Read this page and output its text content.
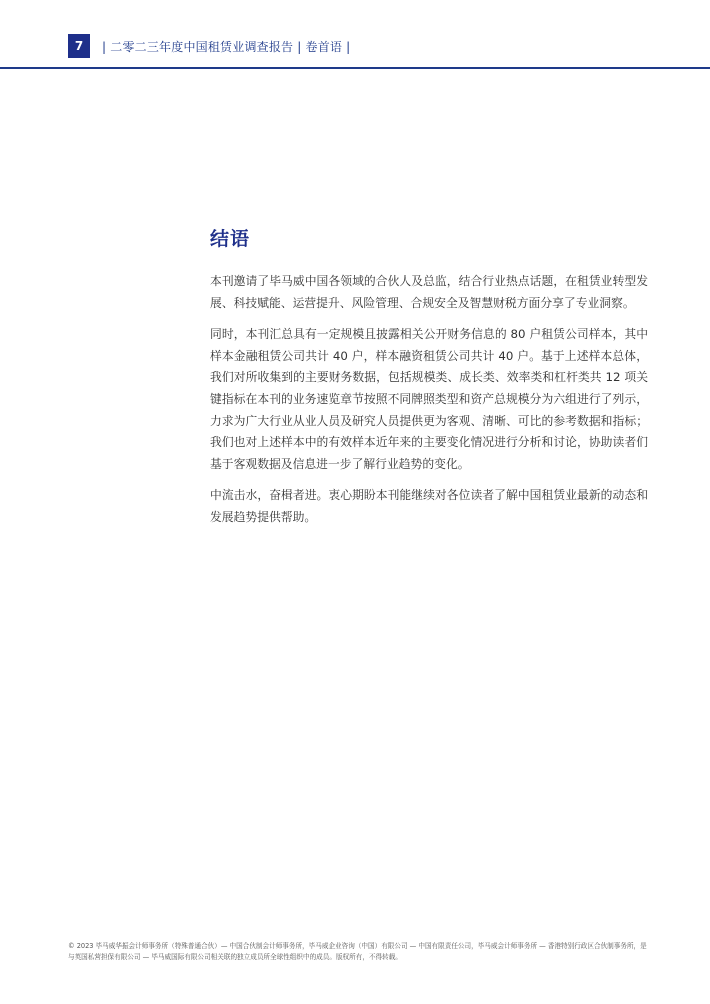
7	| 二零二三年度中国租赁业调查报告 | 卷首语 |
结语

本刊邀请了毕马威中国各领域的合伙人及总监，结合行业热点话题，在租赁业转型发展、科技赋能、运营提升、风险管理、合规安全及智慧财税方面分享了专业洞察。

同时，本刊汇总具有一定规模且披露相关公开财务信息的 80 户租赁公司样本，其中样本金融租赁公司共计 40 户，样本融资租赁公司共计 40 户。基于上述样本总体，我们对所收集到的主要财务数据，包括规模类、成长类、效率类和杠杆类共 12 项关键指标在本刊的业务速览章节按照不同牌照类型和资产总规模分为六组进行了列示，力求为广大行业从业人员及研究人员提供更为客观、清晰、可比的参考数据和指标；我们也对上述样本中的有效样本近年来的主要变化情况进行分析和讨论，协助读者们基于客观数据及信息进一步了解行业趋势的变化。

中流击水，奋楫者进。衷心期盼本刊能继续对各位读者了解中国租赁业最新的动态和发展趋势提供帮助。

© 2023 毕马威华振会计师事务所（特殊普通合伙）— 中国合伙制会计师事务所，毕马威企业咨询（中国）有限公司 — 中国有限责任公司，毕马威会计师事务所 — 香港特别行政区合伙制事务所，是与英国私营担保有限公司 — 毕马威国际有限公司相关联的独立成员所全球性组织中的成员。版权所有，不得转载。
